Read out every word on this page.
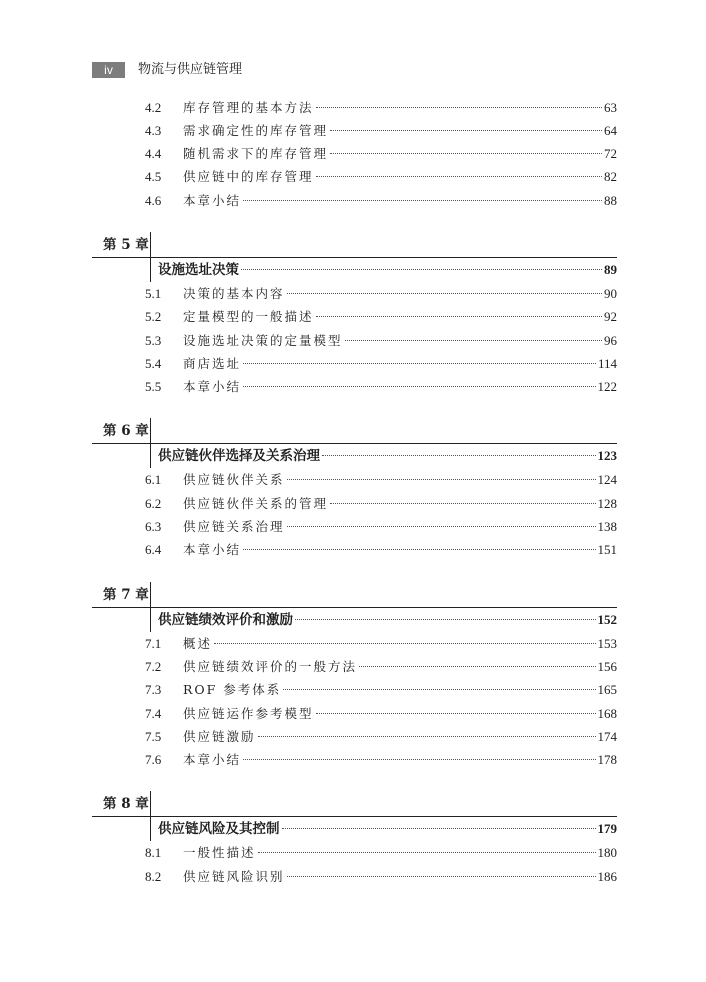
iv	物流与供应链管理
4.2	库存管理的基本方法	63
4.3	需求确定性的库存管理	64
4.4	随机需求下的库存管理	72
4.5	供应链中的库存管理	82
4.6	本章小结	88
第 5 章
设施选址决策	89
5.1	决策的基本内容	90
5.2	定量模型的一般描述	92
5.3	设施选址决策的定量模型	96
5.4	商店选址	114
5.5	本章小结	122
第 6 章
供应链伙伴选择及关系治理	123
6.1	供应链伙伴关系	124
6.2	供应链伙伴关系的管理	128
6.3	供应链关系治理	138
6.4	本章小结	151
第 7 章
供应链绩效评价和激励	152
7.1	概述	153
7.2	供应链绩效评价的一般方法	156
7.3	ROF 参考体系	165
7.4	供应链运作参考模型	168
7.5	供应链激励	174
7.6	本章小结	178
第 8 章
供应链风险及其控制	179
8.1	一般性描述	180
8.2	供应链风险识别	186
